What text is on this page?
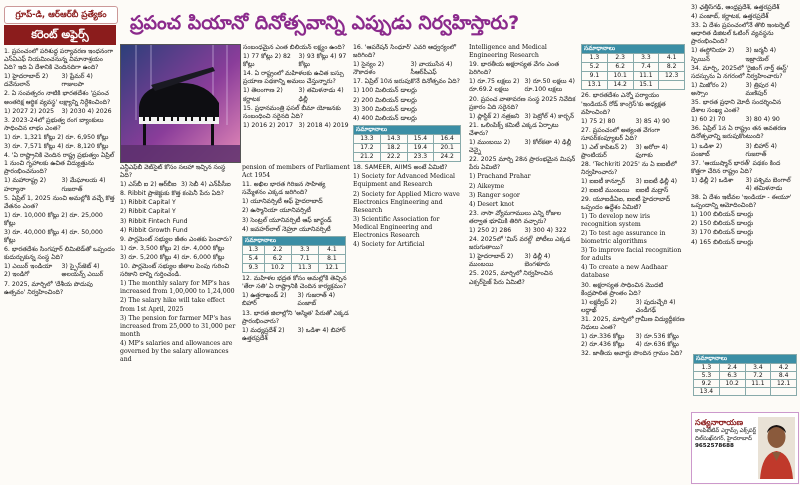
గ్రూప్‌-డి, ఆర్‌ఆర్‌బీ ప్రత్యేకం
కరెంట్‌ అఫైర్స్‌
ప్రపంచ పియానో దినోత్సవాన్ని ఎప్పుడు నిర్వహిస్తారు?

1. ప్రపంచంలో పరిశుద్ధ పర్యావరణ ఇంధనంగా ఎస్‌ఏఎఫ్ నియమించనున్న విమానాశ్రయం ఏది? ఇది ఏ దేశానికి చెందినదిగా ఉంది?

1) హైదరాబాద్ 2) దవేనులాన్

3) ఫ్రేమర్ 4) గాజులపా

2. ఏ సంవత్సరం నాటికి భారతదేశం 'ప్రపంచ అంతరిక్ష ఆర్థిక వ్యవస్థ' లక్ష్యాన్ని నిర్దేశించింది?

1) 2027 2) 2025	3) 2030 4) 2026

3. 2023-24లో ప్రభుత్వ రంగ బ్యాంకులు సాధించిన లాభం ఎంత?

1) రూ. 1,321 కోట్లు 2) రూ. 6,950 కోట్లు

3) రూ. 7,571 కోట్లు 4) రూ. 8,120 కోట్లు

4. 'ఏ రాష్ట్రానికి చెందిన రాష్ట్ర ప్రభుత్వం ఏప్రిల్‌ 1 నుంచి గృహాలకు ఉచిత విద్యుత్తును ప్రారంభించనుంది?

1) మహారాష్ట్ర 2) హర్యానా

3) మేఘాలయ 4) గుజరాత్

5. ఏప్రిల్‌ 1, 2025 నుంచి అమల్లోకి వచ్చే కొత్త వేతనం ఎంత?

1) రూ. 10,000 కోట్లు 2) రూ. 25,000 కోట్లు

3) రూ. 40,000 కోట్లు 4) రూ. 50,000 కోట్లు

6. భారతదేశం సింగపూర్‌ లిమిటెడ్‌తో ఒప్పందం కుదుర్చుకున్న సంస్థ ఏది?

1) ఎయిర్‌ ఇండియా 2) ఇండిగో

3) స్పైస్‌జెట్‌ 4) అలయన్స్‌ ఎయిర్‌

7. 2025, మార్చిలో 'దేశీయ పొదుపు ఉత్సవం' నిర్వహించింది?

ఎన్టీఎఫ్‌బీ వెబ్‌సైట్‌ కోసం సలహా ఇచ్చిన సంస్థ ఏది?

1) ఎస్‌బీ ఐ 2) ఆర్‌బీఐ 3) సెబీ 4) ఎన్‌పీసీఐ

8. Ribbit ప్రాజెక్టుకు కొత్త కంపెనీ పేరు ఏది?

1) Ribbit Capital Y

2) Ribbit Capital Y

3) Ribbit Fintech Fund

4) Ribbit Growth Fund

9. పార్లమెంట్‌ సభ్యుల జీతం ఎంతకు పెంచారు?

1) రూ. 3,500 కోట్లు 2) రూ. 4,000 కోట్లు

3) రూ. 5,200 కోట్లు 4) రూ. 6,000 కోట్లు

10. పార్లమెంట్‌ సభ్యుల జీతాల పెంపు గురించి సరికాని దాన్ని గుర్తించండి.

1) The monthly salary for MP's has increased from 1,00,000 to 1,24,000

2) The salary hike will take effect from 1st April, 2025

3) The pension for farmer MP's has increased from 25,000 to 31,000 per month

4) MP's salaries and allowances are governed by the salary allowances and

pension of members of Parliament Act 1954

11. అఖిల భారత గిరిజన సాహిత్య సమ్మేళనం ఎక్కడ జరిగింది?

1) యూనివర్సిటీ ఆఫ్‌ హైదరాబాద్‌

2) ఉస్మానియా యూనివర్సిటీ

3) సెంట్రల్‌ యూనివర్సిటీ ఆఫ్‌ జార్ఖండ్‌

4) జవహర్‌లాల్‌ నెహ్రూ యూనివర్సిటీ

సమాధానాలు			
1.3	2.2	3.3	4.1
5.4	6.2	7.1	8.1
9.3	10.2	11.3	12.1

12. మహిళల భద్రత కోసం అమల్లోకి తెచ్చిన 'తేరా సతి' ఏ రాష్ట్రానికి చెందిన కార్యక్రమం?

1) ఉత్తరాఖండ్‌ 2) బిహార్‌

3) గుజరాత్‌ 4) పంజాబ్‌

13. భారత జిలాల్లోని 'అస్మిత' పేరుతో ఎక్కడ ప్రారంభించారు?

1) మధ్యప్రదేశ్‌ 2) ఉత్తరప్రదేశ్‌

3) ఒడిశా 4) బిహార్‌

సంబంధమైన ఎంత బిలియన్‌ లక్ష్యం ఉంది?

1) 77 కోట్లు 2) 82 కోట్లు

3) 93 కోట్లు 4) 97 కోట్లు

14. ఏ రాష్ట్రంలో మహిళలకు ఉచిత బస్సు ప్రయాణ పథకాన్ని అమలు చేస్తున్నారు?

1) తెలంగాణ 2) కర్ణాటక

3) తమిళనాడు 4) ఢిల్లీ

15. ప్రధానమంత్రి ఫసల్‌ బీమా యోజనకు సంబంధించి సరైనది ఏది?

1) 2016 2) 2017 3) 2018 4) 2019

16. 'ఆపరేషన్‌ సింధూర్‌' ఎవరి ఆధ్వర్యంలో జరిగింది?

1) సైన్యం 2) నౌకాదళం

3) వాయుసేన 4) సీఆర్‌పీఎఫ్‌

17. ఏప్రిల్‌ 10న జరుపుకొనే దినోత్సవం ఏది?

1) 100 మిలియన్‌ డాలర్లు

2) 200 మిలియన్‌ డాలర్లు

3) 300 మిలియన్‌ డాలర్లు

4) 400 మిలియన్‌ డాలర్లు

సమాధానాలు			
13.3	14.3	15.4	16.4
17.2	18.2	19.4	20.1
21.2	22.2	23.3	24.2

18. SAMEER, AIIMS అంటే ఏమిటి?

1) Society for Advanced Medical Equipment and Research

2) Society for Applied Micro wave Electronics Engineering and Research

3) Scientific Association for Medical Engineering and Electronics Research

4) Society for Artificial

Intelligence and Medical Engineering Research

19. భారతీయ అక్షరాస్యత వేగం ఎంత పెరిగింది?

1) రూ.75 లక్షలు 2) రూ.69.2 లక్షలు

3) రూ.50 లక్షలు 4) రూ.100 లక్షలు

20. ప్రపంచ వాతావరణ సంస్థ 2025 నివేదిక ప్రకారం ఏది సరైనది?

1) ప్లాస్టిక్‌ 2) నత్రజని 3) పెట్రోల్‌ 4) కార్బన్‌

21. ఒలింపిక్స్‌ కమిటీ ఎక్కడ ఏర్పాటు చేశారు?

1) ముంబయి 2) చెన్నై

3) కోల్‌కతా 4) ఢిల్లీ

22. 2025 మార్చి 28న ప్రారంభమైన మిషన్‌ పేరు ఏమిటి?

1) Prachand Prahar

2) Aikeyme

3) Ranger sogor

4) Desert knot

23. నాసా వ్యోమగాములు ఎన్ని రోజుల తర్వాత భూమికి తిరిగి వచ్చారు?

1) 250 2) 286	3) 300 4) 322

24. 2025లో 'మిస్‌ వరల్డ్‌' పోటీలు ఎక్కడ జరుగుతాయి?

1) హైదరాబాద్‌ 2) ముంబయి

3) ఢిల్లీ 4) బెంగళూరు

25. 2025, మార్చిలో నిర్వహించిన ఎక్సర్‌సైజ్‌ పేరు ఏమిటి?

సమాధానాలు			
1.3	2.3	3.3	4.1
5.2	6.2	7.4	8.2
9.1	10.1	11.1	12.3
13.1	14.2	15.1	

26. భారతదేశం ఎన్నో పర్యాయం 'ఇండియన్‌ రోడ్‌ కాంగ్రెస్‌'కు అధ్యక్షత వహించింది?

1) 75 2) 80	3) 85 4) 90

27. ప్రపంచంలో అత్యంత వేగంగా సూపర్‌కంప్యూటర్‌ ఏది?

1) ఎల్‌ కాపిటన్‌ 2) ఫ్రాంటియర్‌

3) అరోరా 4) ఫుగాకు

28. 'Techkriti 2025' ను ఏ ఐఐటీలో నిర్వహించారు?

1) ఐఐటీ కాన్పూర్‌ 2) ఐఐటీ ముంబయి

3) ఐఐటీ ఢిల్లీ 4) ఐఐటీ మద్రాస్‌

29. యూఐడీఏఐ, ఐఐటీ హైదరాబాద్‌ ఒప్పందం ఉద్దేశం ఏమిటి?

1) To develop new iris recognition system

2) To test age assurance in biometric algorithms

3) To improve facial recognition for adults

4) To create a new Aadhaar database

30. అక్షరాస్యత సాధించిన మొదటి కేంద్రపాలిత ప్రాంతం ఏది?

1) లక్షద్వీప్‌ 2) లద్దాఖ్‌

3) పుదుచ్చేరి 4) చండీగఢ్‌

31. 2025, మార్చిలో గ్రామీణ విద్యుద్దీకరణ నిధులు ఎంత?

1) రూ.336 కోట్లు 2) రూ.436 కోట్లు

3) రూ.536 కోట్లు 4) రూ.636 కోట్లు

32. జాతీయ అవార్డు పొందిన గ్రామం ఏది?

3) ఛత్తీస్‌గఢ్‌, ఆంధ్రప్రదేశ్‌, ఉత్తరప్రదేశ్‌

4) పంజాబ్‌, కర్ణాటక, ఉత్తరప్రదేశ్‌

33. ఏ దేశం ప్రపంచంలోనే తొలి ఇంటర్నెట్‌ ఆధారిత డిజిటల్‌ ఓటింగ్‌ వ్యవస్థను ప్రారంభించింది?

1) ఈస్టోనియా 2) స్పెయిన్‌

3) జర్మనీ 4) ఇజ్రాయెల్‌

34. మార్చి, 2025లో 'రైజింగ్‌ నార్త్‌ ఈస్ట్‌' సదస్సును ఏ నగరంలో నిర్వహించారు?

1) మిజోరం 2) అస్సాం

3) త్రిపుర 4) మణిపుర్‌

35. భారత ప్రధాని మోదీ సందర్శించిన దేశాల సంఖ్య ఎంత?

1) 60 2) 70	3) 80 4) 90

36. ఏప్రిల్‌ 1న ఏ రాష్ట్రం తన అవతరణ దినోత్సవాన్ని జరుపుకొంటుంది?

1) ఒడిశా 2) పంజాబ్‌

3) బిహార్‌ 4) గుజరాత్‌

37. 'ఆయుష్మాన్‌ భారత్‌' పథకం కింద కొత్తగా చేరిన రాష్ట్రం ఏది?

1) ఢిల్లీ 2) ఒడిశా	3) పశ్చిమ బెంగాల్‌ 4) తమిళనాడు

38. ఏ దేశం ఇటీవల 'ఇండియా - ఈయూ' ఒప్పందాన్ని ఆమోదించింది?

1) 100 బిలియన్‌ డాలర్లు

2) 150 బిలియన్‌ డాలర్లు

3) 170 బిలియన్‌ డాలర్లు

4) 165 బిలియన్‌ డాలర్లు

సమాధానాలు			
1.3	2.4	3.4	4.2
5.3	6.3	7.2	8.4
9.2	10.2	11.1	12.1
13.4			
సత్యనారాయణ
కాంపిటేటివ్‌ ఎగ్జామ్స్‌ ఎక్స్‌పర్ట్
దిల్‌సుఖ్‌నగర్‌, హైదరాబాద్‌
9652578688
